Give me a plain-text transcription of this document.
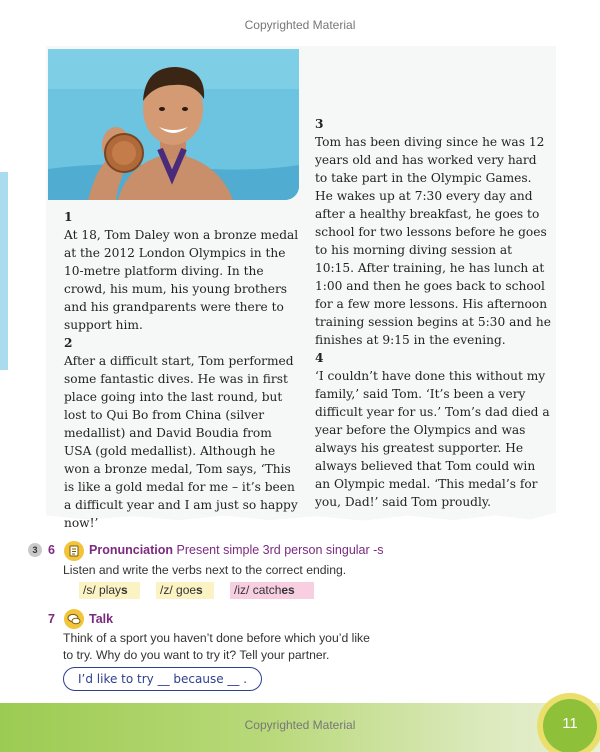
Copyrighted Material
1
At 18, Tom Daley won a bronze medal at the 2012 London Olympics in the 10-metre platform diving. In the crowd, his mum, his young brothers and his grandparents were there to support him.
2
After a difficult start, Tom performed some fantastic dives. He was in first place going into the last round, but lost to Qui Bo from China (silver medallist) and David Boudia from USA (gold medallist). Although he won a bronze medal, Tom says, ‘This is like a gold medal for me – it’s been a difficult year and I am just so happy now!’
3
Tom has been diving since he was 12 years old and has worked very hard to take part in the Olympic Games. He wakes up at 7:30 every day and after a healthy breakfast, he goes to school for two lessons before he goes to his morning diving session at 10:15. After training, he has lunch at 1:00 and then he goes back to school for a few more lessons. His afternoon training session begins at 5:30 and he finishes at 9:15 in the evening.
4
‘I couldn’t have done this without my family,’ said Tom. ‘It’s been a very difficult year for us.’ Tom’s dad died a year before the Olympics and was always his greatest supporter. He always believed that Tom could win an Olympic medal. ‘This medal’s for you, Dad!’ said Tom proudly.
3 6	Pronunciation Present simple 3rd person singular -s
Listen and write the verbs next to the correct ending.
/s/ plays	/z/ goes	/iz/ catches
7	Talk
Think of a sport you haven’t done before which you’d like
to try. Why do you want to try it? Tell your partner.
I’d like to try __ because __ .
Copyrighted Material	11
